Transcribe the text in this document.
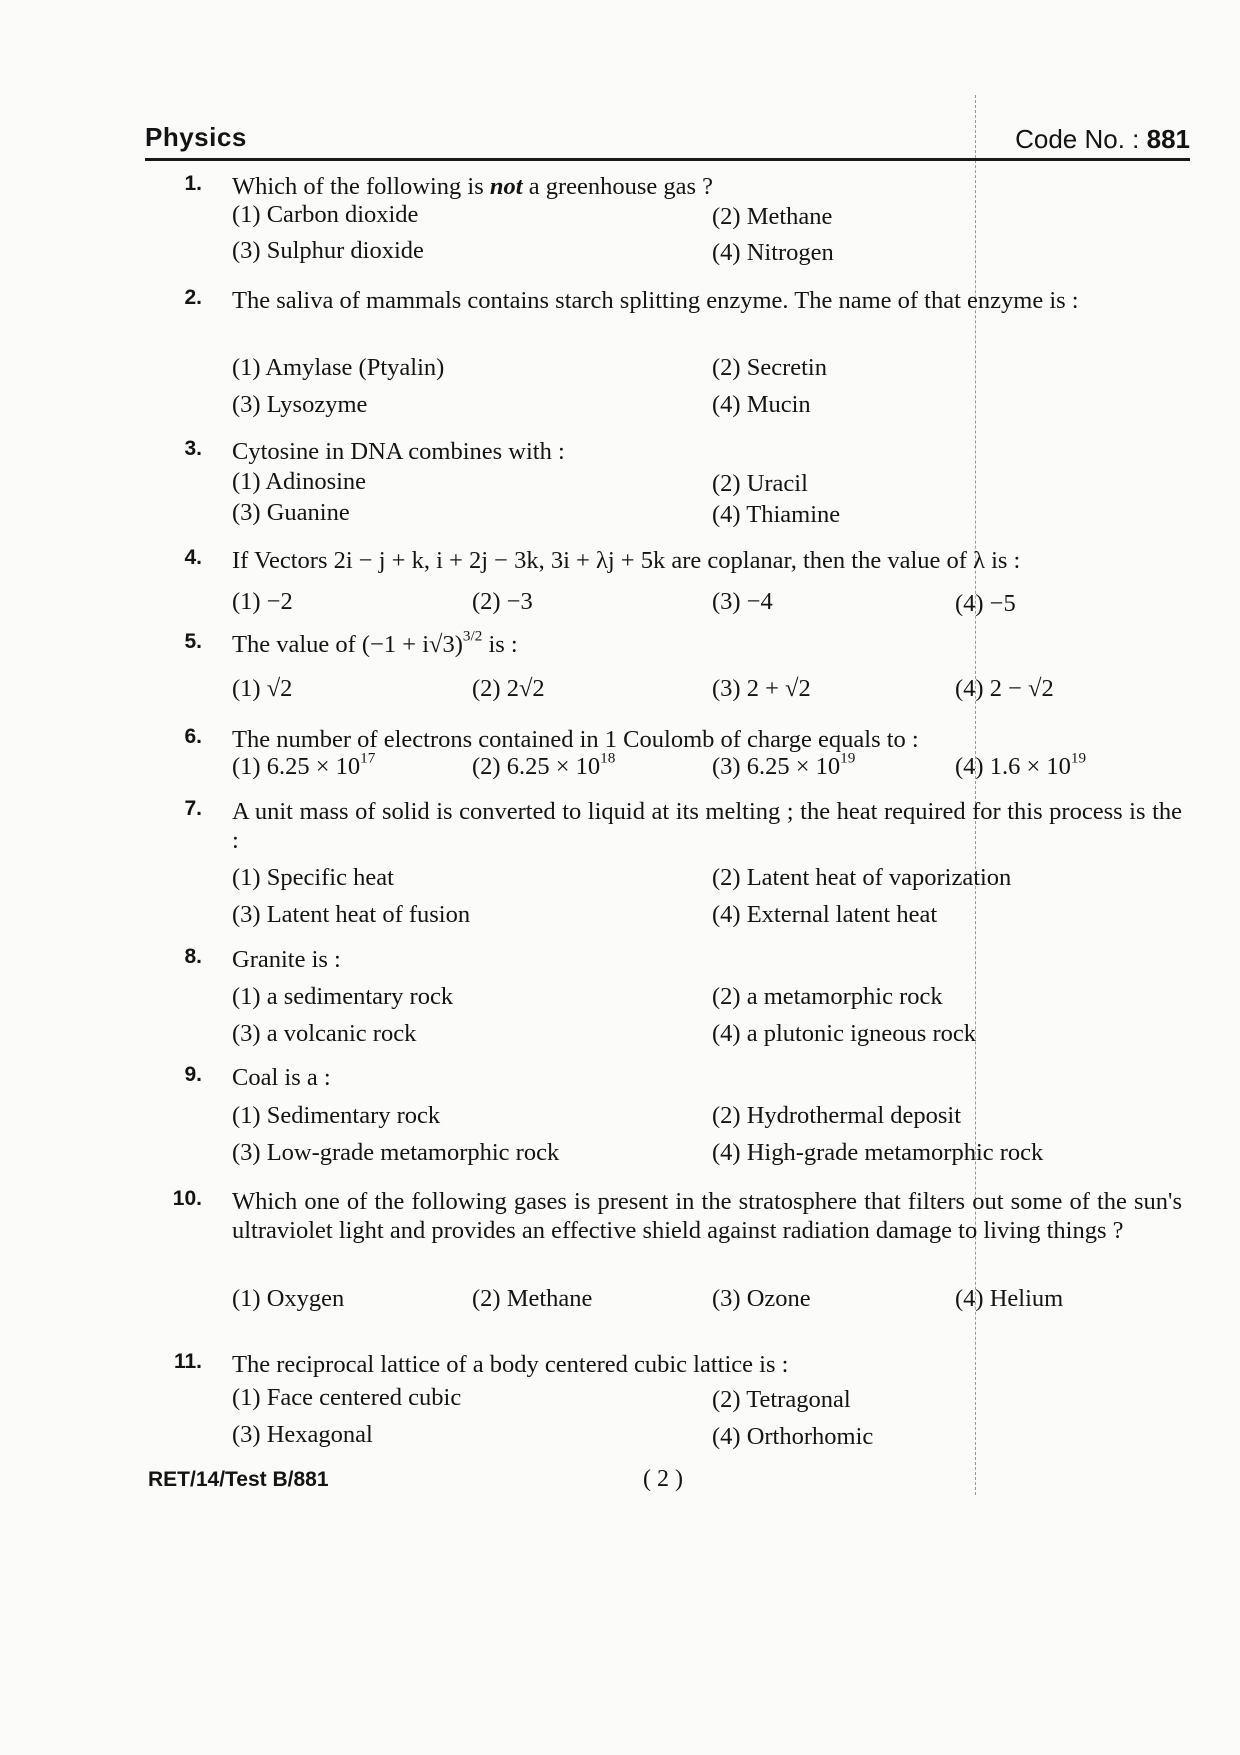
Physics	Code No. : 881
1. Which of the following is not a greenhouse gas ?
(1) Carbon dioxide	(2) Methane
(3) Sulphur dioxide	(4) Nitrogen
2. The saliva of mammals contains starch splitting enzyme. The name of that enzyme is :
(1) Amylase (Ptyalin)	(2) Secretin
(3) Lysozyme	(4) Mucin
3. Cytosine in DNA combines with :
(1) Adinosine	(2) Uracil
(3) Guanine	(4) Thiamine
4. If Vectors 2i − j + k, i + 2j − 3k, 3i + λj + 5k are coplanar, then the value of λ is :
(1) −2	(2) −3	(3) −4	(4) −5
5. The value of $(-1 + i√3)^{3/2}$ is :
(1) √2	(2) 2√2	(3) 2 + √2	(4) 2 − √2
6. The number of electrons contained in 1 Coulomb of charge equals to :
(1) $6.25 \times 10^{17}$	(2) $6.25 \times 10^{18}$	(3) $6.25 \times 10^{19}$	(4) $1.6 \times 10^{19}$
7. A unit mass of solid is converted to liquid at its melting ; the heat required for this process is the :
(1) Specific heat	(2) Latent heat of vaporization
(3) Latent heat of fusion	(4) External latent heat
8. Granite is :
(1) a sedimentary rock	(2) a metamorphic rock
(3) a volcanic rock	(4) a plutonic igneous rock
9. Coal is a :
(1) Sedimentary rock	(2) Hydrothermal deposit
(3) Low-grade metamorphic rock	(4) High-grade metamorphic rock
10. Which one of the following gases is present in the stratosphere that filters out some of the sun's ultraviolet light and provides an effective shield against radiation damage to living things ?
(1) Oxygen	(2) Methane	(3) Ozone	(4) Helium
11. The reciprocal lattice of a body centered cubic lattice is :
(1) Face centered cubic	(2) Tetragonal
(3) Hexagonal	(4) Orthorhomic
RET/14/Test B/881	( 2 )
